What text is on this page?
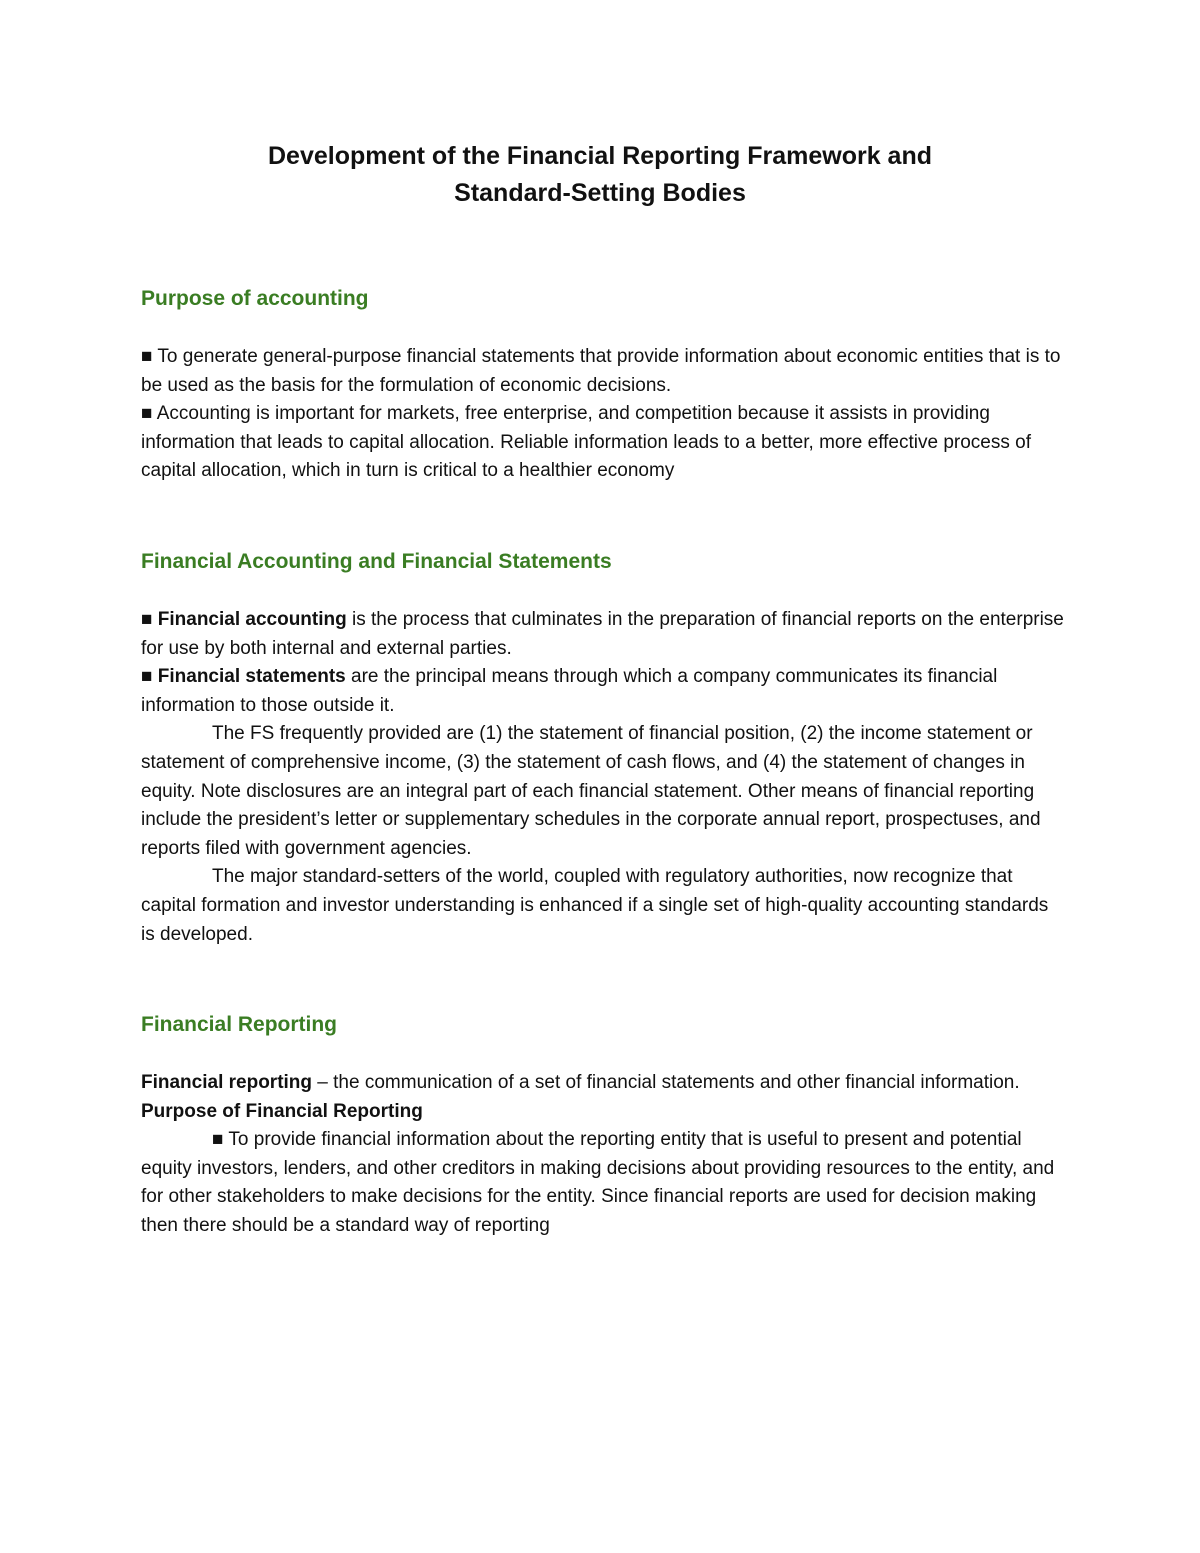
Development of the Financial Reporting Framework and
Standard-Setting Bodies
Purpose of accounting

■ To generate general-purpose financial statements that provide information about economic entities that is to be used as the basis for the formulation of economic decisions.

■ Accounting is important for markets, free enterprise, and competition because it assists in providing information that leads to capital allocation. Reliable information leads to a better, more effective process of capital allocation, which in turn is critical to a healthier economy

Financial Accounting and Financial Statements

■ Financial accounting is the process that culminates in the preparation of financial reports on the enterprise for use by both internal and external parties.

■ Financial statements are the principal means through which a company communicates its financial information to those outside it.

The FS frequently provided are (1) the statement of financial position, (2) the income statement or statement of comprehensive income, (3) the statement of cash flows, and (4) the statement of changes in equity. Note disclosures are an integral part of each financial statement. Other means of financial reporting include the president’s letter or supplementary schedules in the corporate annual report, prospectuses, and reports filed with government agencies.

The major standard-setters of the world, coupled with regulatory authorities, now recognize that capital formation and investor understanding is enhanced if a single set of high-quality accounting standards is developed.

Financial Reporting

Financial reporting – the communication of a set of financial statements and other financial information.

Purpose of Financial Reporting

■ To provide financial information about the reporting entity that is useful to present and potential equity investors, lenders, and other creditors in making decisions about providing resources to the entity, and for other stakeholders to make decisions for the entity. Since financial reports are used for decision making then there should be a standard way of reporting
